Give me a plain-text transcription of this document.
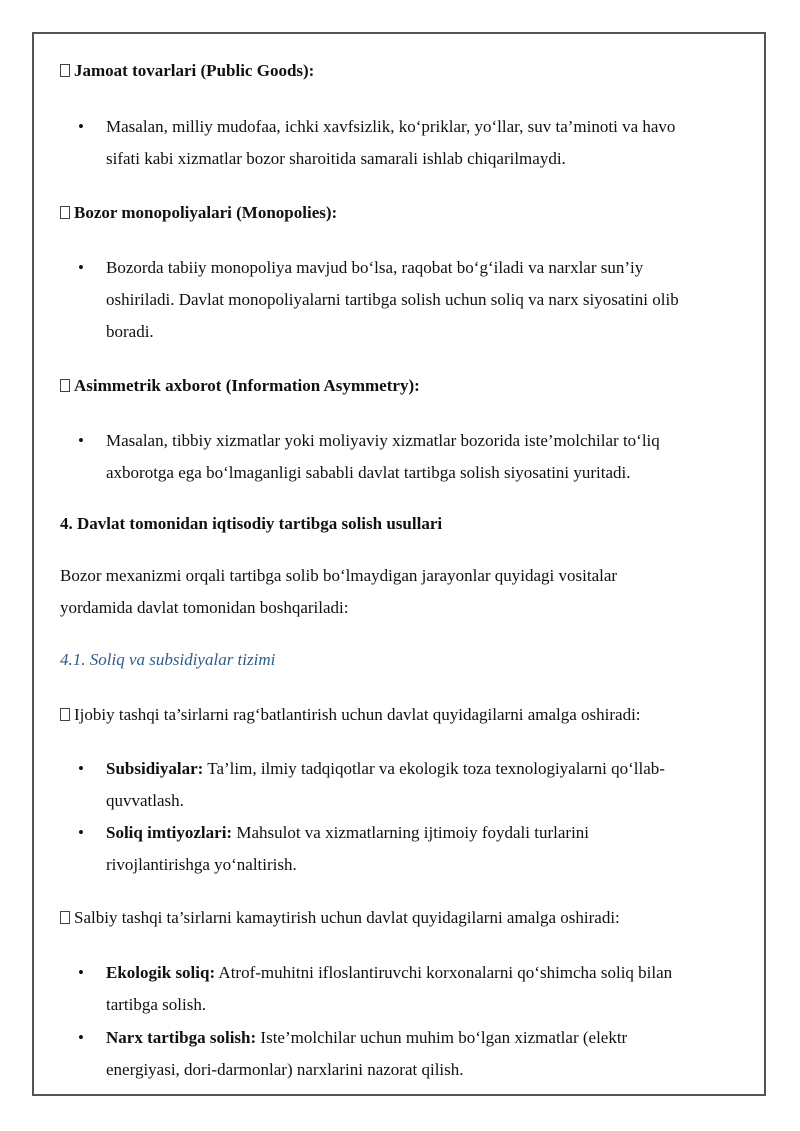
Jamoat tovarlari (Public Goods):
• Masalan, milliy mudofaa, ichki xavfsizlik, ko‘priklar, yo‘llar, suv ta’minoti va havo
sifati kabi xizmatlar bozor sharoitida samarali ishlab chiqarilmaydi.
Bozor monopoliyalari (Monopolies):
• Bozorda tabiiy monopoliya mavjud bo‘lsa, raqobat bo‘g‘iladi va narxlar sun’iy
oshiriladi. Davlat monopoliyalarni tartibga solish uchun soliq va narx siyosatini olib
boradi.
Asimmetrik axborot (Information Asymmetry):
• Masalan, tibbiy xizmatlar yoki moliyaviy xizmatlar bozorida iste’molchilar to‘liq
axborotga ega bo‘lmaganligi sababli davlat tartibga solish siyosatini yuritadi.
4. Davlat tomonidan iqtisodiy tartibga solish usullari
Bozor mexanizmi orqali tartibga solib bo‘lmaydigan jarayonlar quyidagi vositalar
yordamida davlat tomonidan boshqariladi:
4.1. Soliq va subsidiyalar tizimi
Ijobiy tashqi ta’sirlarni rag‘batlantirish uchun davlat quyidagilarni amalga oshiradi:
• Subsidiyalar: Ta’lim, ilmiy tadqiqotlar va ekologik toza texnologiyalarni qo‘llab-
quvvatlash.
• Soliq imtiyozlari: Mahsulot va xizmatlarning ijtimoiy foydali turlarini
rivojlantirishga yo‘naltirish.
Salbiy tashqi ta’sirlarni kamaytirish uchun davlat quyidagilarni amalga oshiradi:
• Ekologik soliq: Atrof-muhitni ifloslantiruvchi korxonalarni qo‘shimcha soliq bilan
tartibga solish.
• Narx tartibga solish: Iste’molchilar uchun muhim bo‘lgan xizmatlar (elektr
energiyasi, dori-darmonlar) narxlarini nazorat qilish.
